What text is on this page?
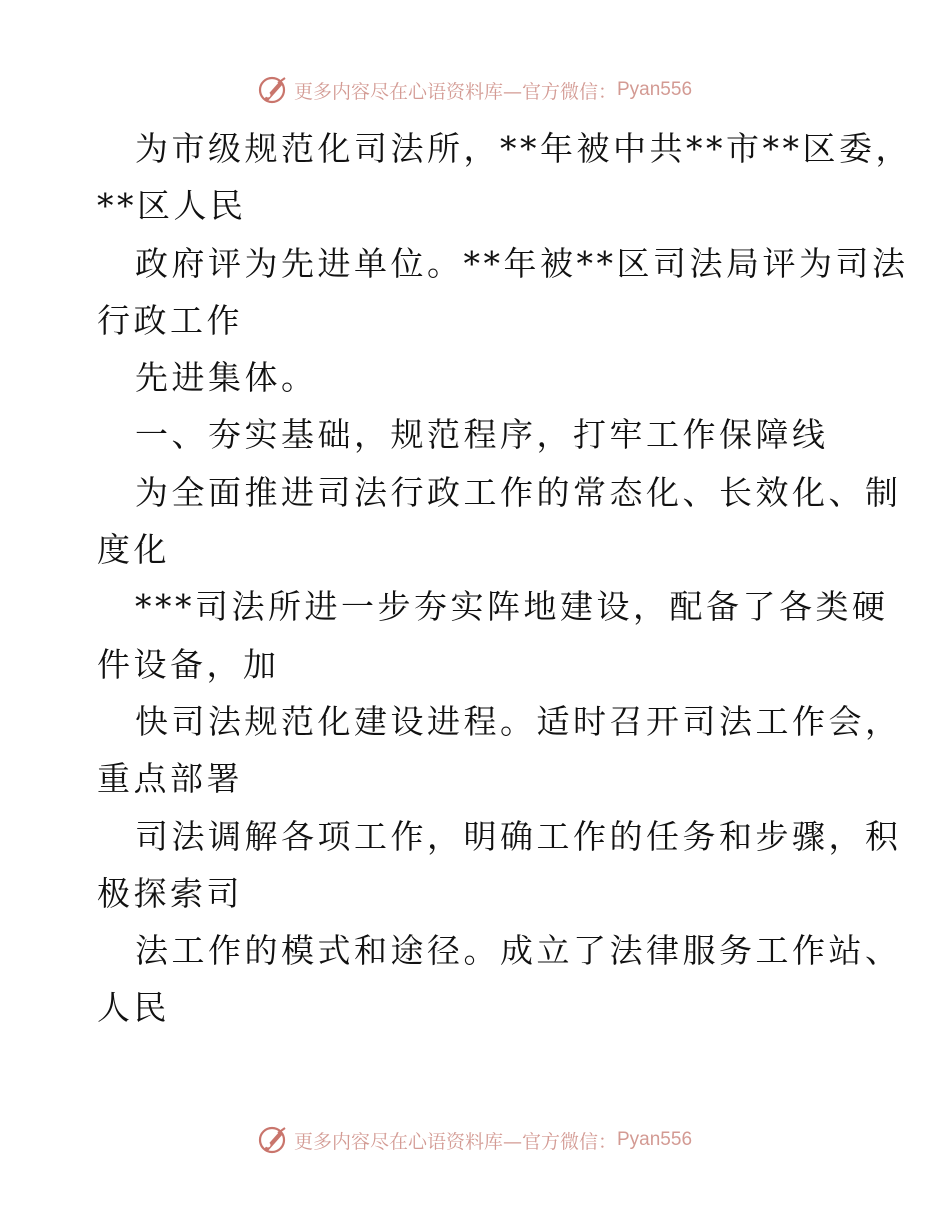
更多内容尽在心语资料库—官方微信： Pyan556
为市级规范化司法所，**年被中共**市**区委，
**区人民
政府评为先进单位。**年被**区司法局评为司法
行政工作
先进集体。
一、夯实基础，规范程序，打牢工作保障线
为全面推进司法行政工作的常态化、长效化、制
度化
***司法所进一步夯实阵地建设，配备了各类硬
件设备，加
快司法规范化建设进程。适时召开司法工作会，
重点部署
司法调解各项工作，明确工作的任务和步骤，积
极探索司
法工作的模式和途径。成立了法律服务工作站、
人民
更多内容尽在心语资料库—官方微信： Pyan556
